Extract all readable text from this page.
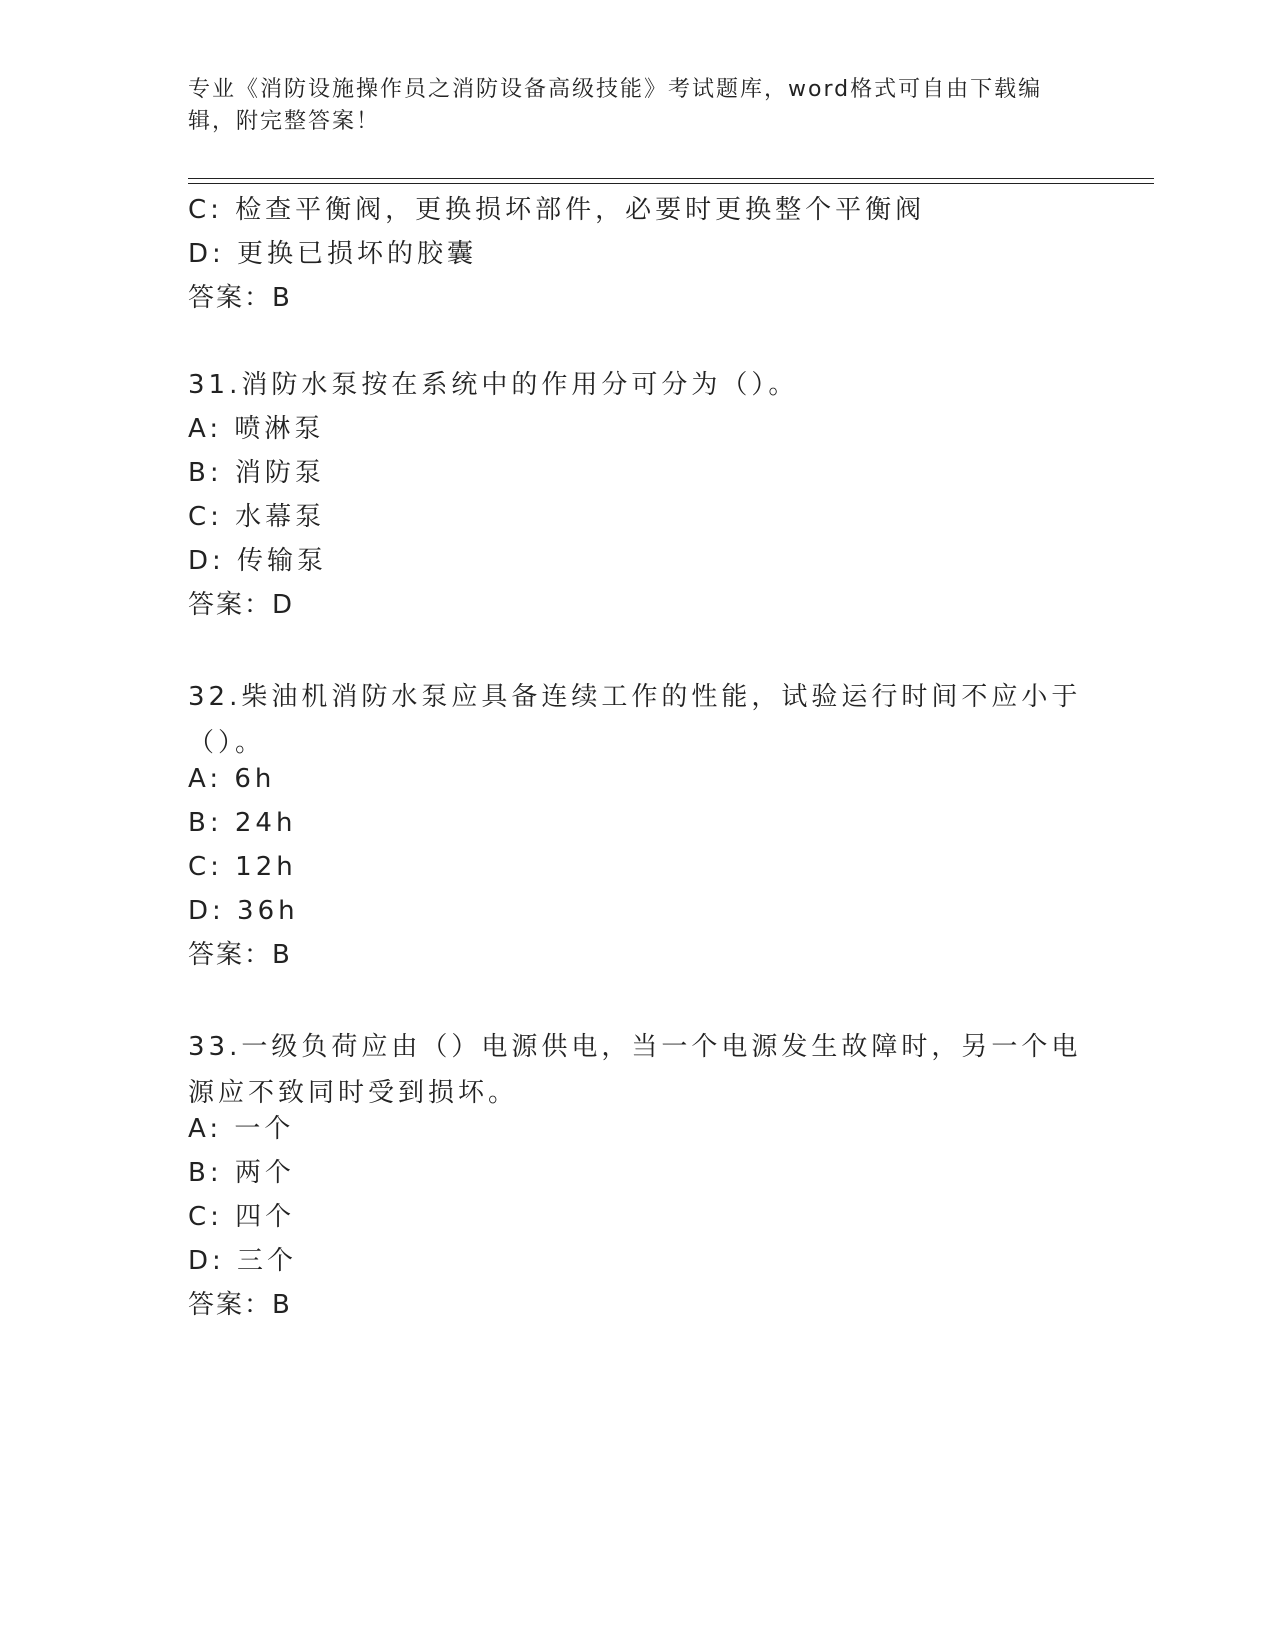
专业《消防设施操作员之消防设备高级技能》考试题库，word格式可自由下载编辑，附完整答案！
C: 检查平衡阀，更换损坏部件，必要时更换整个平衡阀
D: 更换已损坏的胶囊
答案：B
31.消防水泵按在系统中的作用分可分为（）。
A: 喷淋泵
B: 消防泵
C: 水幕泵
D: 传输泵
答案：D
32.柴油机消防水泵应具备连续工作的性能，试验运行时间不应小于（）。
A: 6h
B: 24h
C: 12h
D: 36h
答案：B
33.一级负荷应由（）电源供电，当一个电源发生故障时，另一个电源应不致同时受到损坏。
A: 一个
B: 两个
C: 四个
D: 三个
答案：B
